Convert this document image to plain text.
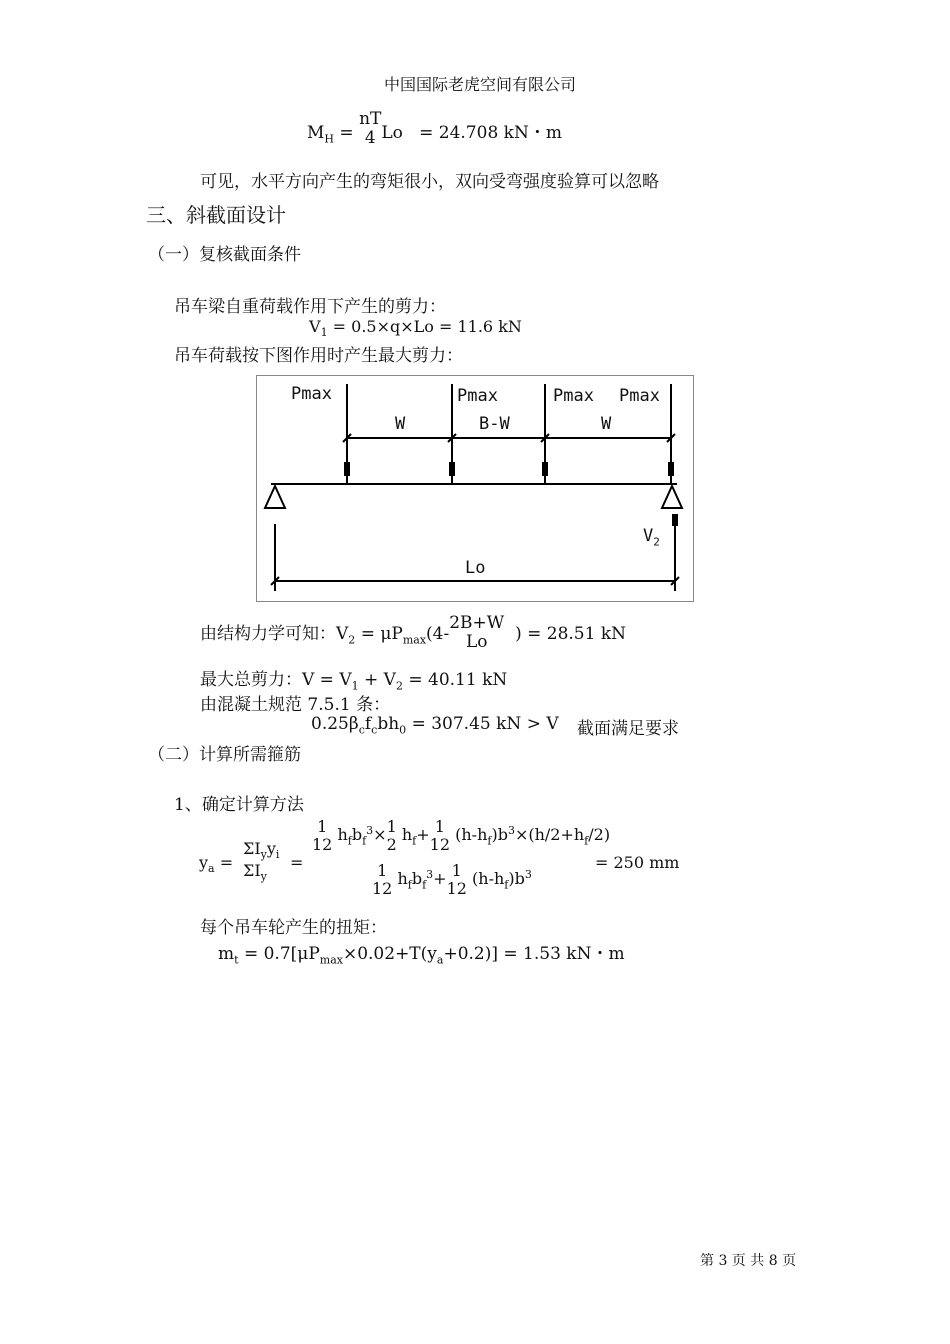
中国国际老虎空间有限公司
$M_H$ =
nT
4 Lo = 24.708 kN・m
可见，水平方向产生的弯矩很小，双向受弯强度验算可以忽略
三、斜截面设计
（一）复核截面条件
吊车梁自重荷载作用下产生的剪力：
$V_1 = 0.5\times q\times Lo = 11.6$ kN
吊车荷载按下图作用时产生最大剪力：
Pmax	Pmax	Pmax Pmax
W	B-W	W
$V_2$
Lo
由结构力学可知：$V_2 = \mu P_{max}(4-$
2B+W
Lo	) = 28.51 kN
最大总剪力：$V = V_1 + V_2 = 40.11$ kN
由混凝土规范 7.5.1 条：
$0.25\beta_cf_cbh_0 = 307.45$ kN > V 截面满足要求
（二）计算所需箍筋
1、确定计算方法
$y_a$ =
$\Sigma I_yy_i$
$\Sigma I_y$
=
1
12 $h_fb_f^3\times 1$
2 $h_f+ 1$
12 $(h-h_f)b^3\times(h/2+h_f/2)$
1
12 $h_fb_f^3+ 1$
12 $(h-h_f)b^3$
= 250 mm
每个吊车轮产生的扭矩：
$m_t = 0.7[\mu P_{max}\times 0.02+T(y_a+0.2)] = 1.53$ kN・m
第 3 页 共 8 页
